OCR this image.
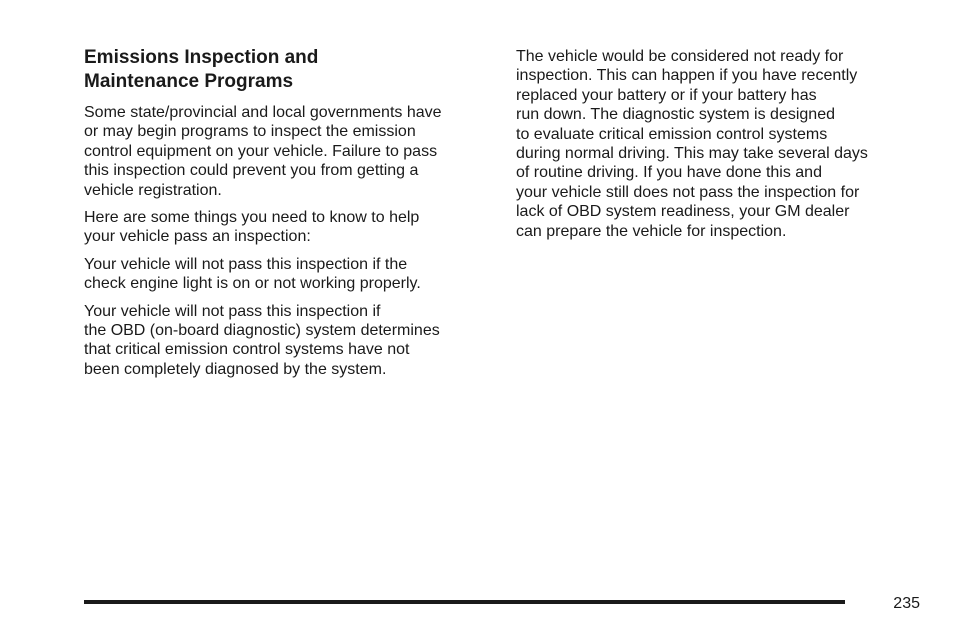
Emissions Inspection and
Maintenance Programs

Some state/provincial and local governments have
or may begin programs to inspect the emission
control equipment on your vehicle. Failure to pass
this inspection could prevent you from getting a
vehicle registration.

Here are some things you need to know to help
your vehicle pass an inspection:

Your vehicle will not pass this inspection if the
check engine light is on or not working properly.

Your vehicle will not pass this inspection if
the OBD (on-board diagnostic) system determines
that critical emission control systems have not
been completely diagnosed by the system.

The vehicle would be considered not ready for
inspection. This can happen if you have recently
replaced your battery or if your battery has
run down. The diagnostic system is designed
to evaluate critical emission control systems
during normal driving. This may take several days
of routine driving. If you have done this and
your vehicle still does not pass the inspection for
lack of OBD system readiness, your GM dealer
can prepare the vehicle for inspection.

235
